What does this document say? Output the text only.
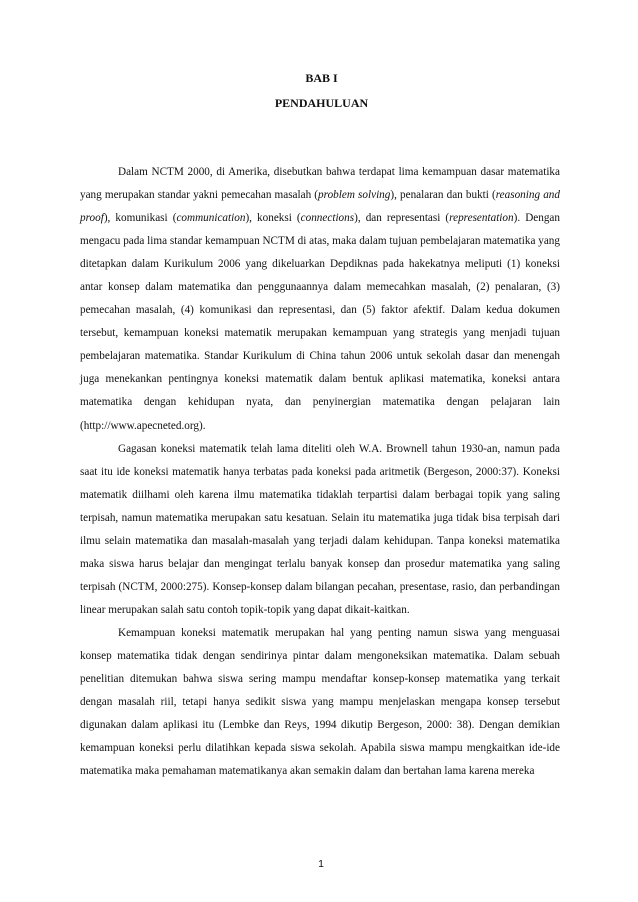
BAB I
PENDAHULUAN

Dalam NCTM 2000, di Amerika, disebutkan bahwa terdapat lima kemampuan dasar matematika yang merupakan standar yakni pemecahan masalah (problem solving), penalaran dan bukti (reasoning and proof), komunikasi (communication), koneksi (connections), dan representasi (representation). Dengan mengacu pada lima standar kemampuan NCTM di atas, maka dalam tujuan pembelajaran matematika yang ditetapkan dalam Kurikulum 2006 yang dikeluarkan Depdiknas pada hakekatnya meliputi (1) koneksi antar konsep dalam matematika dan penggunaannya dalam memecahkan masalah, (2) penalaran, (3) pemecahan masalah, (4) komunikasi dan representasi, dan (5) faktor afektif. Dalam kedua dokumen tersebut, kemampuan koneksi matematik merupakan kemampuan yang strategis yang menjadi tujuan pembelajaran matematika. Standar Kurikulum di China tahun 2006 untuk sekolah dasar dan menengah juga menekankan pentingnya koneksi matematik dalam bentuk aplikasi matematika, koneksi antara matematika dengan kehidupan nyata, dan penyinergian matematika dengan pelajaran lain (http://www.apecneted.org).

Gagasan koneksi matematik telah lama diteliti oleh W.A. Brownell tahun 1930-an, namun pada saat itu ide koneksi matematik hanya terbatas pada koneksi pada aritmetik (Bergeson, 2000:37). Koneksi matematik diilhami oleh karena ilmu matematika tidaklah terpartisi dalam berbagai topik yang saling terpisah, namun matematika merupakan satu kesatuan. Selain itu matematika juga tidak bisa terpisah dari ilmu selain matematika dan masalah-masalah yang terjadi dalam kehidupan. Tanpa koneksi matematika maka siswa harus belajar dan mengingat terlalu banyak konsep dan prosedur matematika yang saling terpisah (NCTM, 2000:275). Konsep-konsep dalam bilangan pecahan, presentase, rasio, dan perbandingan linear merupakan salah satu contoh topik-topik yang dapat dikait-kaitkan.

Kemampuan koneksi matematik merupakan hal yang penting namun siswa yang menguasai konsep matematika tidak dengan sendirinya pintar dalam mengoneksikan matematika. Dalam sebuah penelitian ditemukan bahwa siswa sering mampu mendaftar konsep-konsep matematika yang terkait dengan masalah riil, tetapi hanya sedikit siswa yang mampu menjelaskan mengapa konsep tersebut digunakan dalam aplikasi itu (Lembke dan Reys, 1994 dikutip Bergeson, 2000: 38). Dengan demikian kemampuan koneksi perlu dilatihkan kepada siswa sekolah. Apabila siswa mampu mengkaitkan ide-ide matematika maka pemahaman matematikanya akan semakin dalam dan bertahan lama karena mereka

1
